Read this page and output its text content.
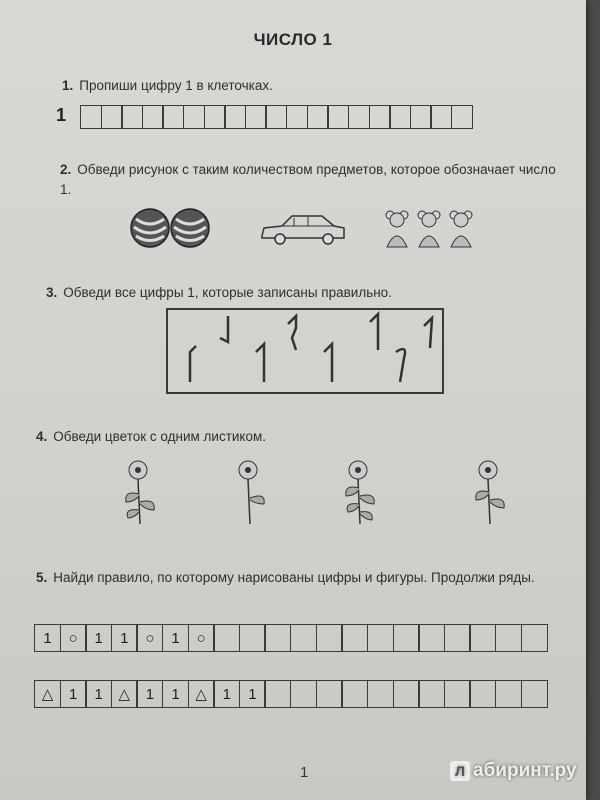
ЧИСЛО 1
1. Пропиши цифру 1 в клеточках.
1
2. Обведи рисунок с таким количеством предметов, которое обозначает число 1.
3. Обведи все цифры 1, которые записаны правильно.
4. Обведи цветок с одним листиком.
5. Найди правило, по которому нарисованы цифры и фигуры. Продолжи ряды.
1	○	1	1	○	1	○
△	1	1	△	1	1	△	1	1
1	Л абиринт.ру
